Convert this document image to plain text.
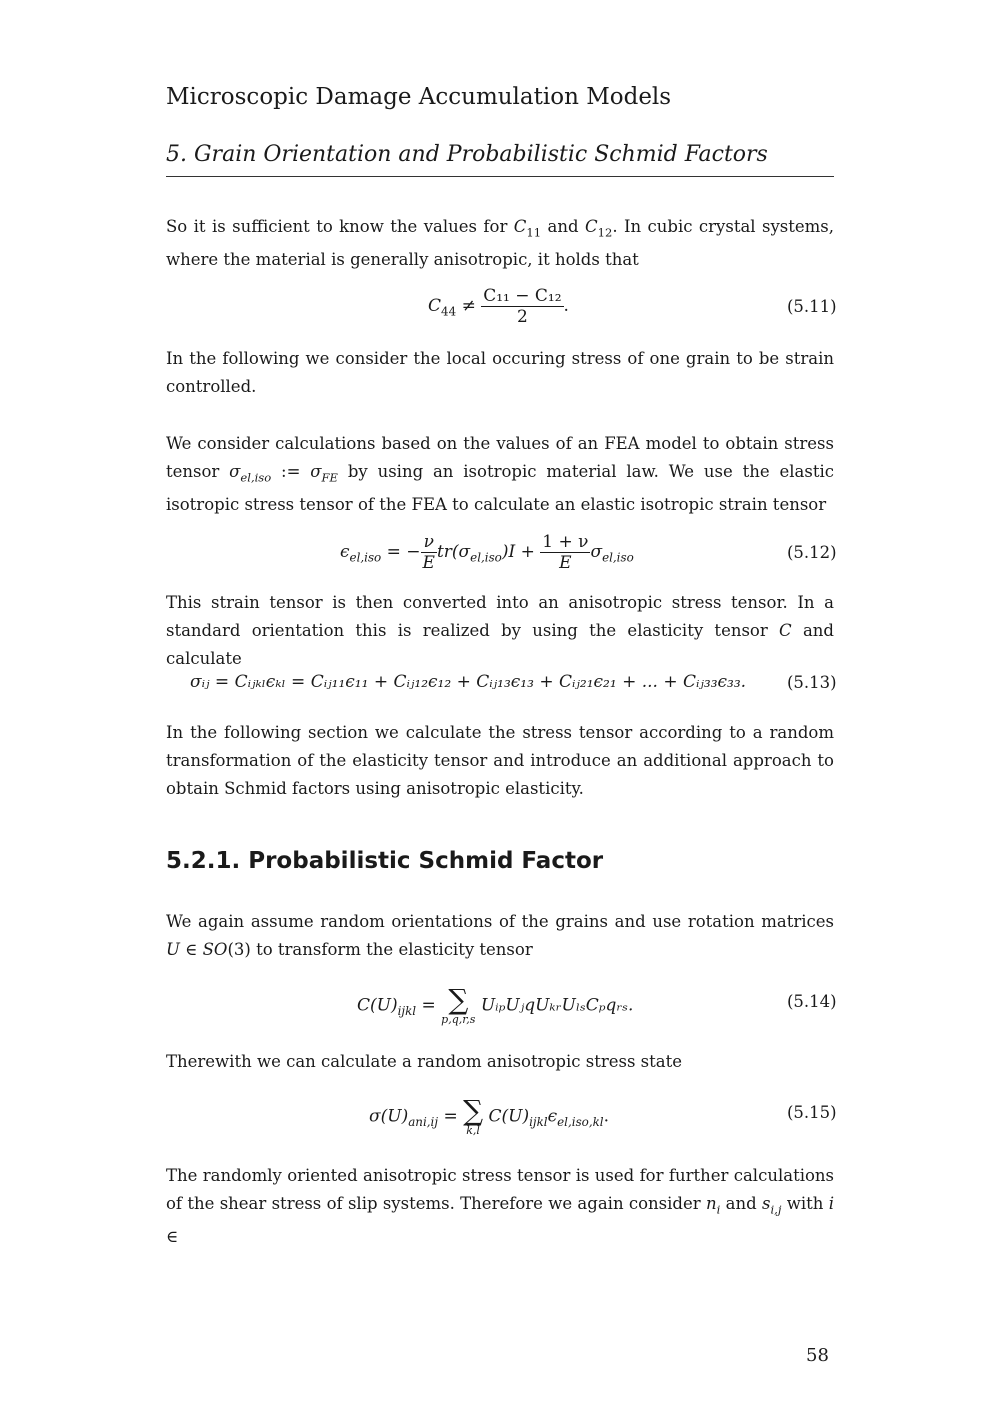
Microscopic Damage Accumulation Models
5. Grain Orientation and Probabilistic Schmid Factors
So it is sufficient to know the values for $C_{11}$ and $C_{12}$. In cubic crystal systems, where the material is generally anisotropic, it holds that
$C_{44} \ne \frac{\text{C₁₁ − C₁₂}}{2}$ .	(5.11)
In the following we consider the local occuring stress of one grain to be strain controlled.
We consider calculations based on the values of an FEA model to obtain stress tensor $\sigma_{el,iso}$ := $\sigma_{FE}$ by using an isotropic material law. We use the elastic isotropic stress tensor of the FEA to calculate an elastic isotropic strain tensor
$\epsilon_{el,iso}$ = − $\frac{\nu}{E} tr(\sigma_{el,iso})I + \frac{1 + \nu}{E} \sigma_{el,iso}$	(5.12)
This strain tensor is then converted into an anisotropic stress tensor. In a standard orientation this is realized by using the elasticity tensor C and calculate
σᵢⱼ = Cᵢⱼₖₗϵₖₗ = Cᵢⱼ₁₁ϵ₁₁ + Cᵢⱼ₁₂ϵ₁₂ + Cᵢⱼ₁₃ϵ₁₃ + Cᵢⱼ₂₁ϵ₂₁ + ... + Cᵢⱼ₃₃ϵ₃₃. (5.13)
In the following section we calculate the stress tensor according to a random transformation of the elasticity tensor and introduce an additional approach to obtain Schmid factors using anisotropic elasticity.
5.2.1. Probabilistic Schmid Factor
We again assume random orientations of the grains and use rotation matrices U ∈ SO(3) to transform the elasticity tensor
$C(U)_{ijkl}$ = ∑
p,q,r,s
UᵢₚUⱼqUₖᵣUₗₛCₚqᵣₛ.	(5.14)
Therewith we can calculate a random anisotropic stress state
$\sigma(U)_{ani,ij}$ = ∑
k,l
$C(U)_{ijkl}\epsilon_{el,iso,kl}$.	(5.15)
The randomly oriented anisotropic stress tensor is used for further calculations of the shear stress of slip systems. Therefore we again consider $n_i$ and $s_{i,j}$ with i ∈
58
